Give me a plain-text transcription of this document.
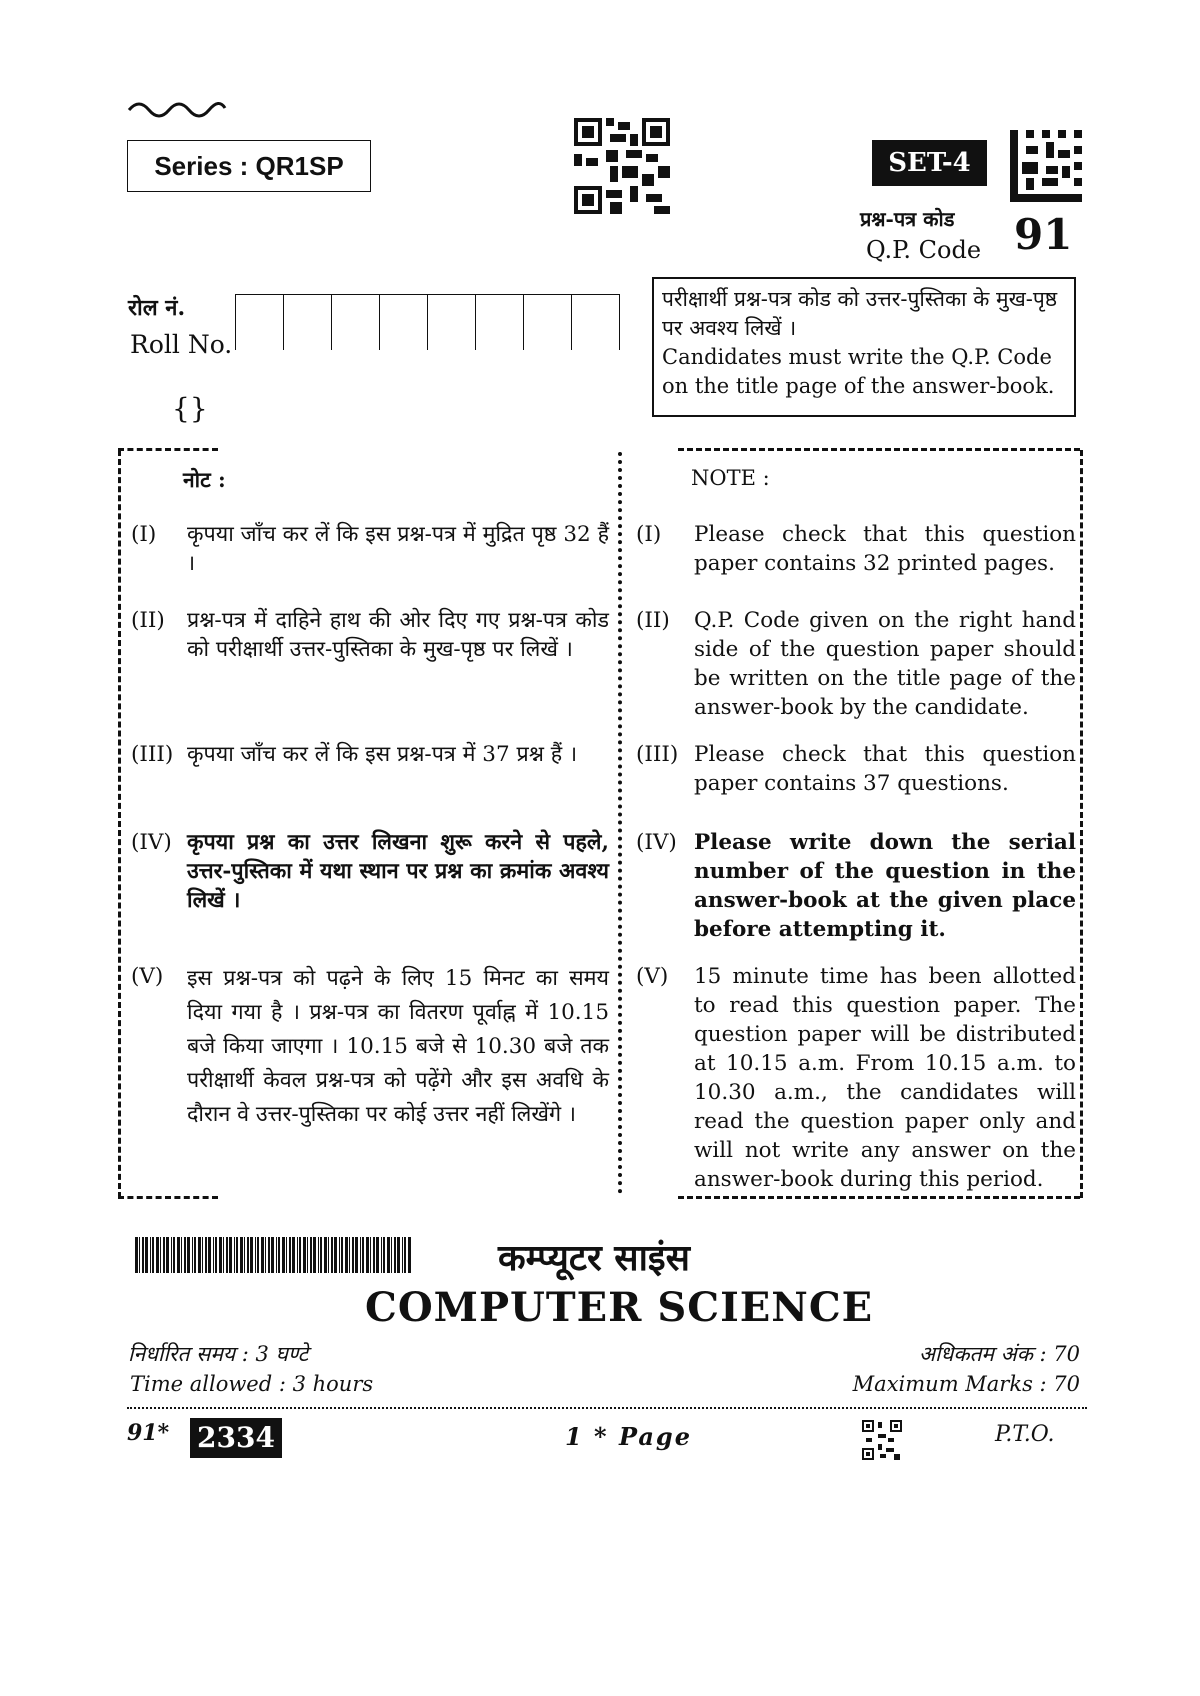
Series : QR1SP	SET-4
प्रश्न-पत्र कोड
Q.P. Code 91
रोल नं.
Roll No.
{}

परीक्षार्थी प्रश्न-पत्र कोड को उत्तर-पुस्तिका के मुख-पृष्ठ पर अवश्य लिखें ।

Candidates must write the Q.P. Code on the title page of the answer-book.

नोट :	NOTE :
(I) कृपया जाँच कर लें कि इस प्रश्न-पत्र में मुद्रित पृष्ठ 32 हैं ।
(II) प्रश्न-पत्र में दाहिने हाथ की ओर दिए गए प्रश्न-पत्र कोड को परीक्षार्थी उत्तर-पुस्तिका के मुख-पृष्ठ पर लिखें ।
(III) कृपया जाँच कर लें कि इस प्रश्न-पत्र में 37 प्रश्न हैं ।
(IV) कृपया प्रश्न का उत्तर लिखना शुरू करने से पहले, उत्तर-पुस्तिका में यथा स्थान पर प्रश्न का क्रमांक अवश्य लिखें ।
(V) इस प्रश्न-पत्र को पढ़ने के लिए 15 मिनट का समय दिया गया है । प्रश्न-पत्र का वितरण पूर्वाह्न में 10.15 बजे किया जाएगा । 10.15 बजे से 10.30 बजे तक परीक्षार्थी केवल प्रश्न-पत्र को पढ़ेंगे और इस अवधि के दौरान वे उत्तर-पुस्तिका पर कोई उत्तर नहीं लिखेंगे ।
(I) Please check that this question paper contains 32 printed pages.
(II) Q.P. Code given on the right hand side of the question paper should be written on the title page of the answer-book by the candidate.
(III) Please check that this question paper contains 37 questions.
(IV) Please write down the serial number of the question in the answer-book at the given place before attempting it.
(V) 15 minute time has been allotted to read this question paper. The question paper will be distributed at 10.15 a.m. From 10.15 a.m. to 10.30 a.m., the candidates will read the question paper only and will not write any answer on the answer-book during this period.
कम्प्यूटर साइंस
COMPUTER SCIENCE
निर्धारित समय : 3 घण्टे
Time allowed : 3 hours
अधिकतम अंक : 70
Maximum Marks : 70
91* 2334	1 * Page	P.T.O.
